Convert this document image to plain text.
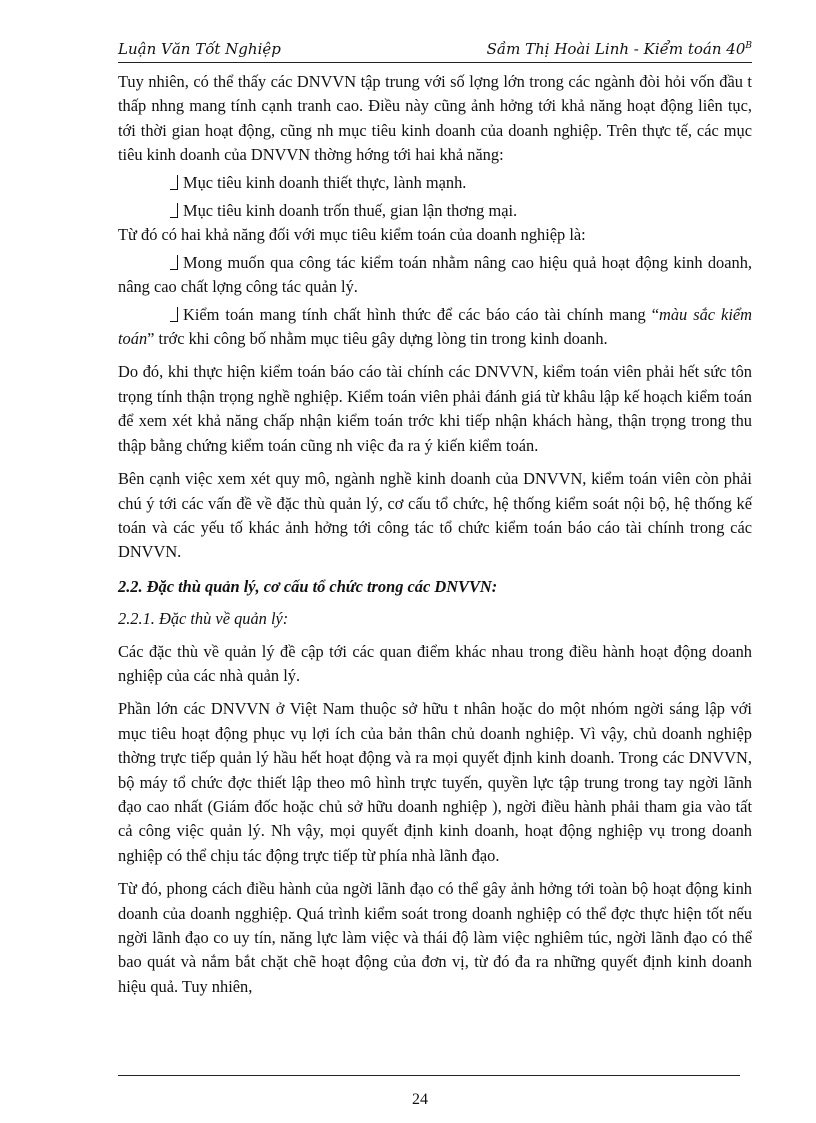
Luận Văn Tốt Nghiệp	Sầm Thị Hoài Linh - Kiểm toán $40^B$

Tuy nhiên, có thể thấy các DNVVN tập trung với số lợng lớn trong các ngành đòi hỏi vốn đầu t thấp nhng mang tính cạnh tranh cao. Điều này cũng ảnh hởng tới khả năng hoạt động liên tục, tới thời gian hoạt động, cũng nh mục tiêu kinh doanh của doanh nghiệp. Trên thực tế, các mục tiêu kinh doanh của DNVVN thờng hớng tới hai khả năng:

Mục tiêu kinh doanh thiết thực, lành mạnh.

Mục tiêu kinh doanh trốn thuế, gian lận thơng mại.

Từ đó có hai khả năng đối với mục tiêu kiểm toán của doanh nghiệp là:

Mong muốn qua công tác kiểm toán nhằm nâng cao hiệu quả hoạt động kinh doanh, nâng cao chất lợng công tác quản lý.

Kiểm toán mang tính chất hình thức để các báo cáo tài chính mang “màu sắc kiểm toán” trớc khi công bố nhằm mục tiêu gây dựng lòng tin trong kinh doanh.

Do đó, khi thực hiện kiểm toán báo cáo tài chính các DNVVN, kiểm toán viên phải hết sức tôn trọng tính thận trọng nghề nghiệp. Kiểm toán viên phải đánh giá từ khâu lập kế hoạch kiểm toán để xem xét khả năng chấp nhận kiểm toán trớc khi tiếp nhận khách hàng, thận trọng trong thu thập bằng chứng kiểm toán cũng nh việc đa ra ý kiến kiểm toán.

Bên cạnh việc xem xét quy mô, ngành nghề kinh doanh của DNVVN, kiểm toán viên còn phải chú ý tới các vấn đề về đặc thù quản lý, cơ cấu tổ chức, hệ thống kiểm soát nội bộ, hệ thống kế toán và các yếu tố khác ảnh hởng tới công tác tổ chức kiểm toán báo cáo tài chính trong các DNVVN.

2.2. Đặc thù quản lý, cơ cấu tổ chức trong các DNVVN:

2.2.1. Đặc thù về quản lý:

Các đặc thù về quản lý đề cập tới các quan điểm khác nhau trong điều hành hoạt động doanh nghiệp của các nhà quản lý.

Phần lớn các DNVVN ở Việt Nam thuộc sở hữu t nhân hoặc do một nhóm ngời sáng lập với mục tiêu hoạt động phục vụ lợi ích của bản thân chủ doanh nghiệp. Vì vậy, chủ doanh nghiệp thờng trực tiếp quản lý hầu hết hoạt động và ra mọi quyết định kinh doanh. Trong các DNVVN, bộ máy tổ chức đợc thiết lập theo mô hình trực tuyến, quyền lực tập trung trong tay ngời lãnh đạo cao nhất (Giám đốc hoặc chủ sở hữu doanh nghiệp ), ngời điều hành phải tham gia vào tất cả công việc quản lý. Nh vậy, mọi quyết định kinh doanh, hoạt động nghiệp vụ trong doanh nghiệp có thể chịu tác động trực tiếp từ phía nhà lãnh đạo.

Từ đó, phong cách điều hành của ngời lãnh đạo có thể gây ảnh hởng tới toàn bộ hoạt động kinh doanh của doanh ngghiệp. Quá trình kiểm soát trong doanh nghiệp có thể đợc thực hiện tốt nếu ngời lãnh đạo co uy tín, năng lực làm việc và thái độ làm việc nghiêm túc, ngời lãnh đạo có thể bao quát và nắm bắt chặt chẽ hoạt động của đơn vị, từ đó đa ra những quyết định kinh doanh hiệu quả. Tuy nhiên,

24
